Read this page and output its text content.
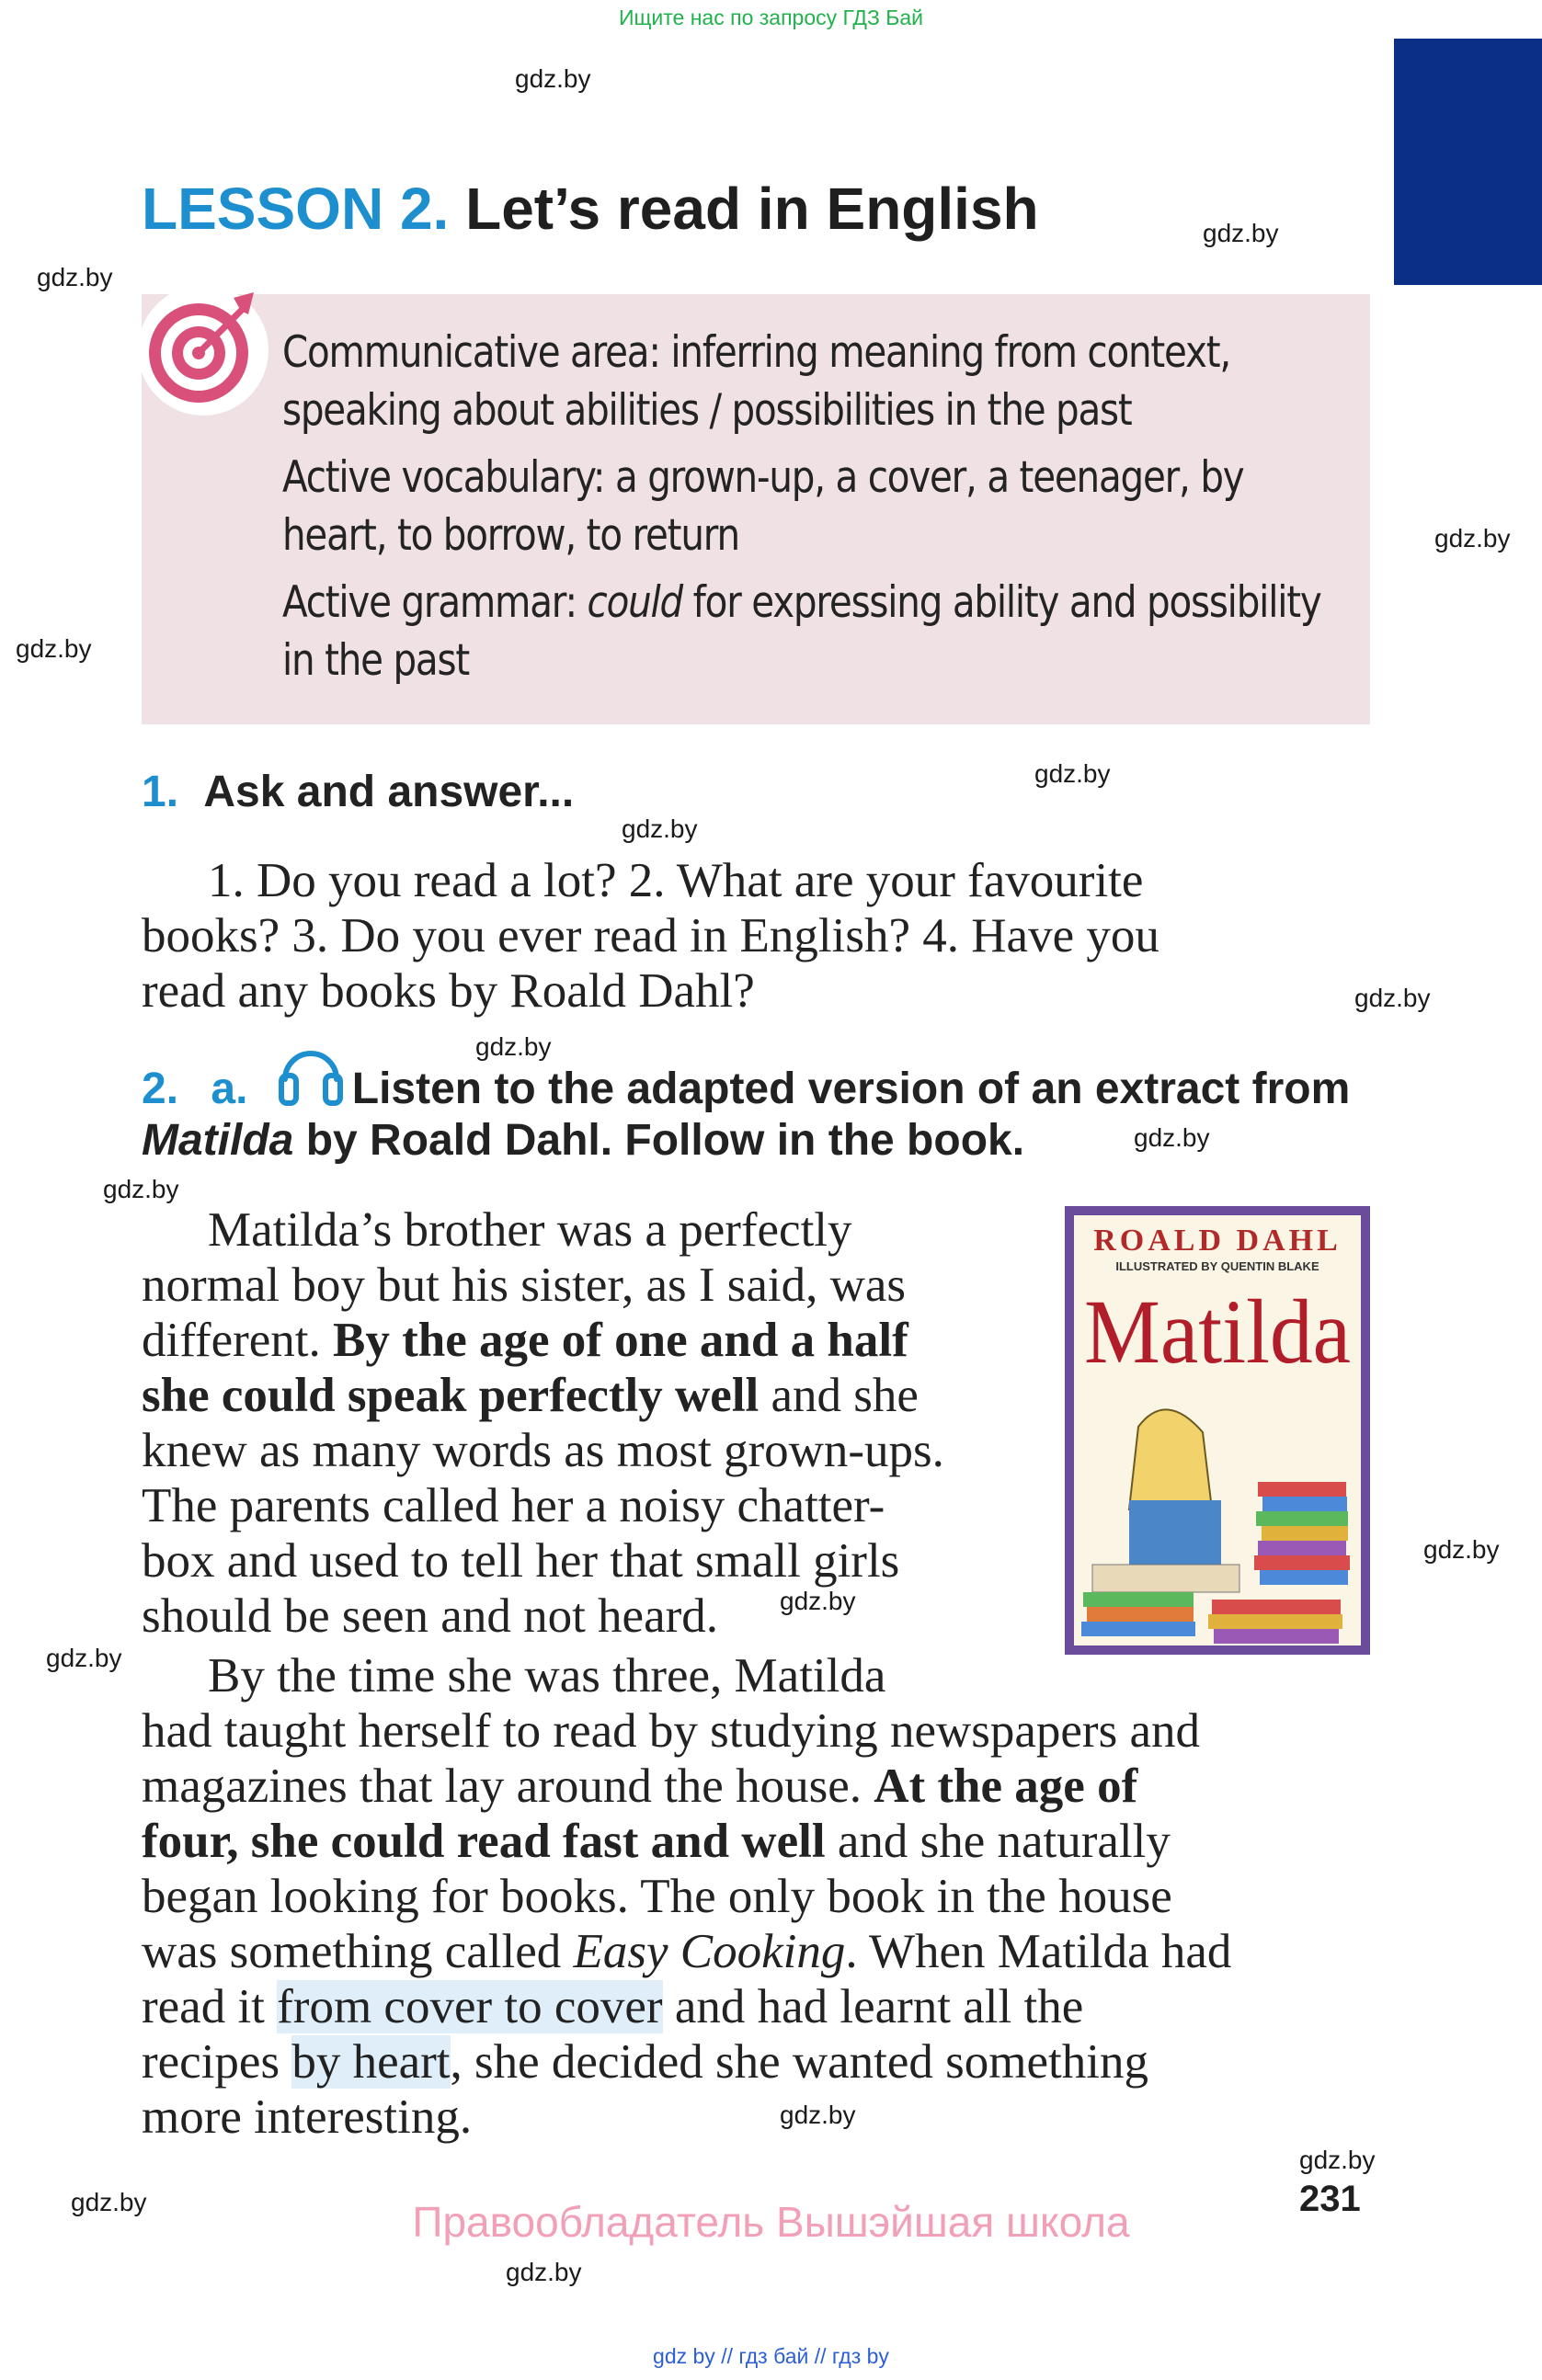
Ищите нас по запросу ГДЗ Бай
gdz.by
gdz.by
gdz.by
gdz.by
gdz.by
gdz.by
gdz.by
gdz.by
gdz.by
gdz.by
gdz.by
gdz.by
gdz.by
gdz.by
gdz.by
gdz.by
gdz.by
gdz.by
LESSON 2. Let’s read in English
Communicative area: inferring meaning from context,
speaking about abilities / possibilities in the past
Active vocabulary: a grown-up, a cover, a teenager, by
heart, to borrow, to return
Active grammar: could for expressing ability and possibility
in the past
1. Ask and answer...
1. Do you read a lot? 2. What are your favourite
books? 3. Do you ever read in English? 4. Have you
read any books by Roald Dahl?
2. a. Listen to the adapted version of an extract from
Matilda by Roald Dahl. Follow in the book.
Matilda’s brother was a perfectly
normal boy but his sister, as I said, was
different. By the age of one and a half
she could speak perfectly well and she
knew as many words as most grown-ups.
The parents called her a noisy chatter-
box and used to tell her that small girls
should be seen and not heard.
ROALD DAHL
ILLUSTRATED BY QUENTIN BLAKE
Matilda
By the time she was three, Matilda
had taught herself to read by studying newspapers and
magazines that lay around the house. At the age of
four, she could read fast and well and she naturally
began looking for books. The only book in the house
was something called Easy Cooking. When Matilda had
read it from cover to cover and had learnt all the
recipes by heart, she decided she wanted something
more interesting.
231
Правообладатель Вышэйшая школа
gdz by // гдз бай // гдз by
